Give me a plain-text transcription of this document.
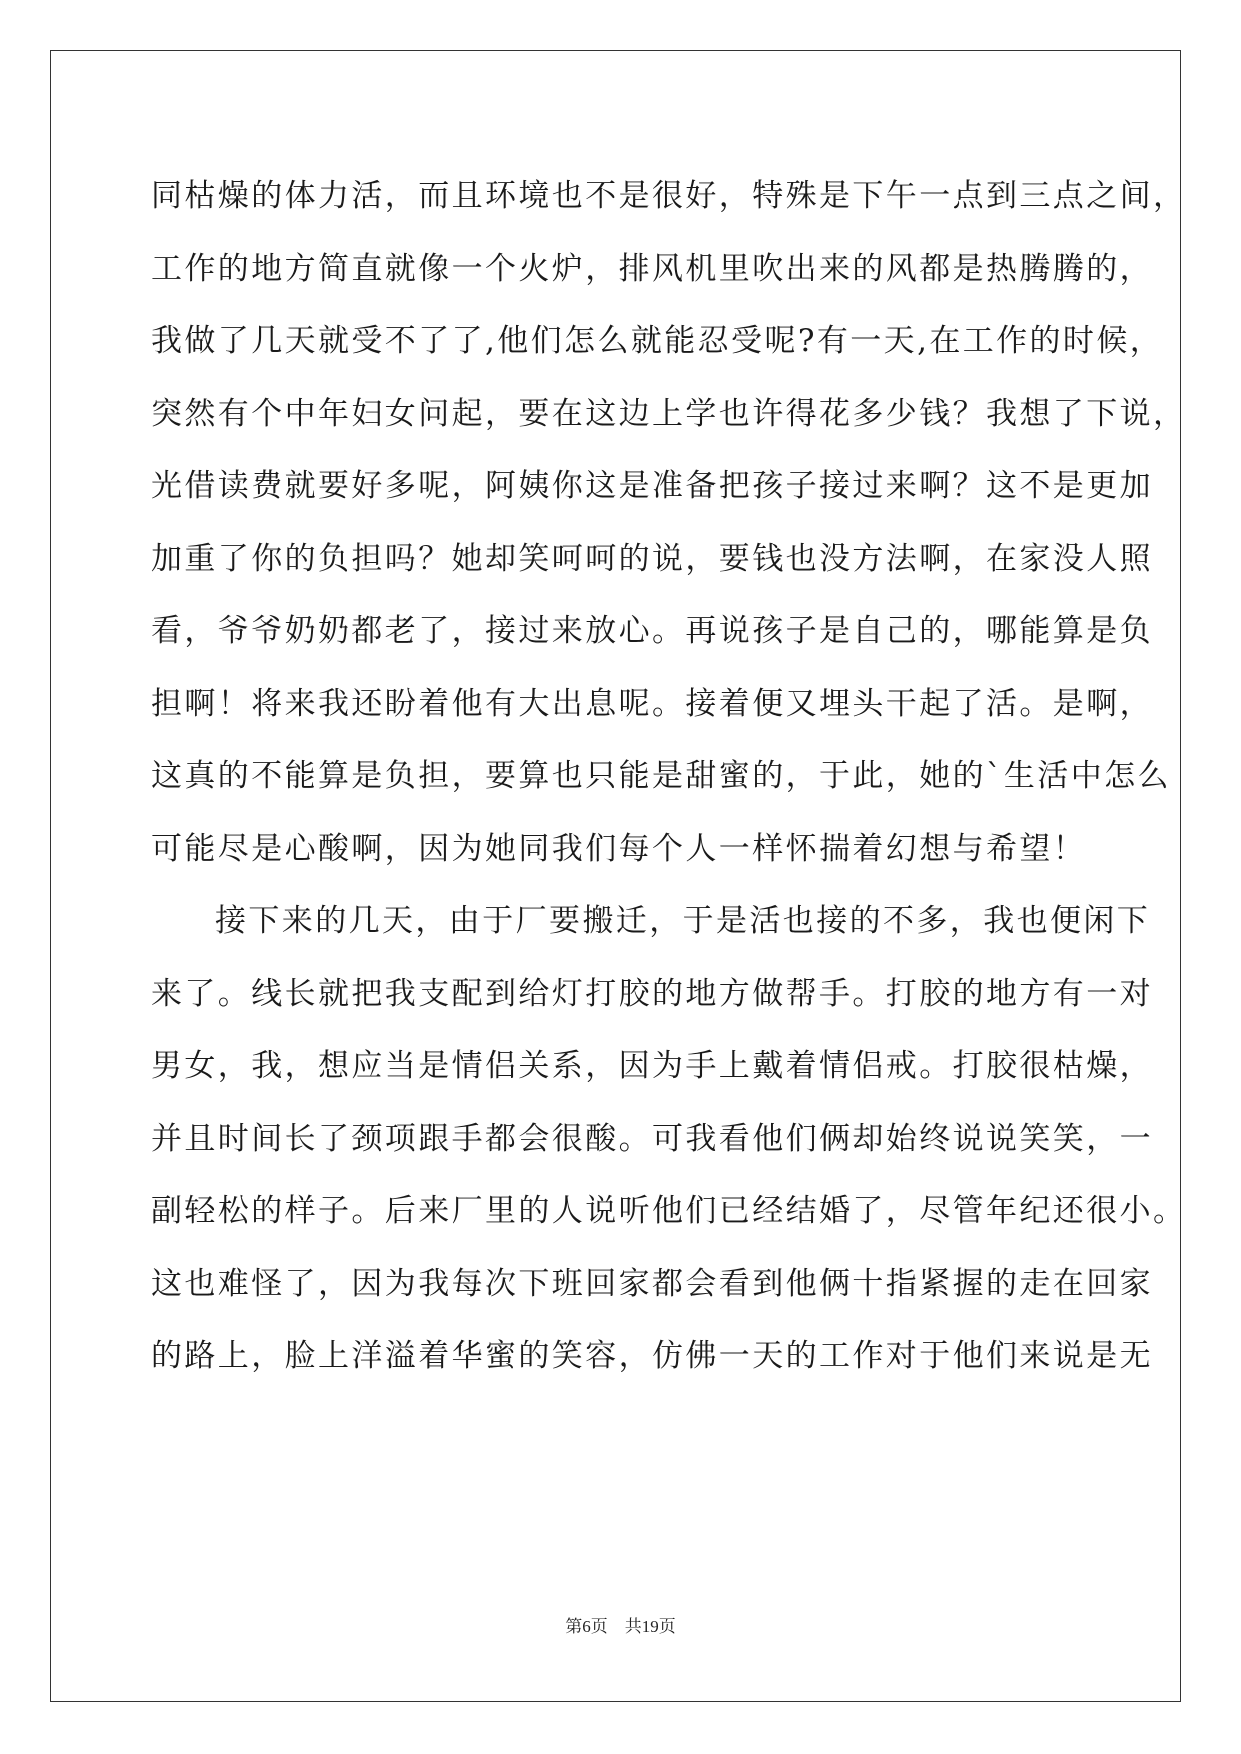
同枯燥的体力活，而且环境也不是很好，特殊是下午一点到三点之间，
工作的地方简直就像一个火炉，排风机里吹出来的风都是热腾腾的，
我做了几天就受不了了,他们怎么就能忍受呢?有一天,在工作的时候，
突然有个中年妇女问起，要在这边上学也许得花多少钱？我想了下说，
光借读费就要好多呢，阿姨你这是准备把孩子接过来啊？这不是更加
加重了你的负担吗？她却笑呵呵的说，要钱也没方法啊，在家没人照
看，爷爷奶奶都老了，接过来放心。再说孩子是自己的，哪能算是负
担啊！将来我还盼着他有大出息呢。接着便又埋头干起了活。是啊，
这真的不能算是负担，要算也只能是甜蜜的，于此，她的`生活中怎么
可能尽是心酸啊，因为她同我们每个人一样怀揣着幻想与希望！
接下来的几天，由于厂要搬迁，于是活也接的不多，我也便闲下
来了。线长就把我支配到给灯打胶的地方做帮手。打胶的地方有一对
男女，我，想应当是情侣关系，因为手上戴着情侣戒。打胶很枯燥，
并且时间长了颈项跟手都会很酸。可我看他们俩却始终说说笑笑，一
副轻松的样子。后来厂里的人说听他们已经结婚了，尽管年纪还很小。
这也难怪了，因为我每次下班回家都会看到他俩十指紧握的走在回家
的路上，脸上洋溢着华蜜的笑容，仿佛一天的工作对于他们来说是无
第6页　共19页
